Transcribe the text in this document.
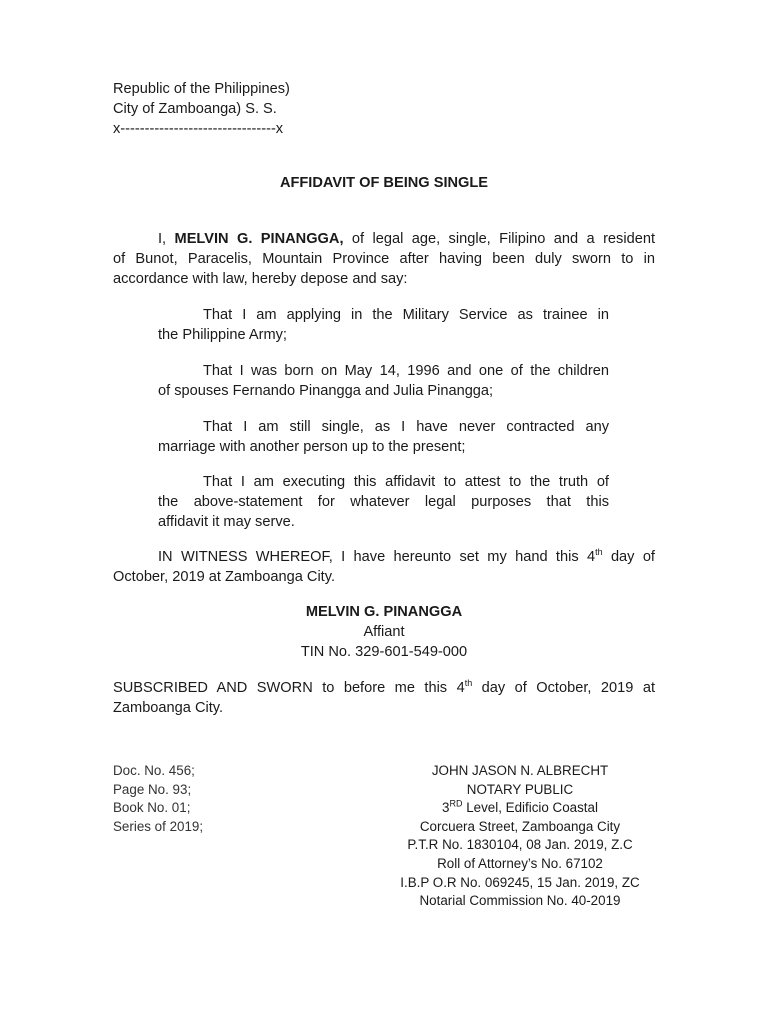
Republic of the Philippines)
City of Zamboanga) S. S.
x--------------------------------x
AFFIDAVIT OF BEING SINGLE
I, MELVIN G. PINANGGA, of legal age, single, Filipino and a resident
of Bunot, Paracelis, Mountain Province after having been duly sworn to in
accordance with law, hereby depose and say:
That I am applying in the Military Service as trainee in
the Philippine Army;
That I was born on May 14, 1996 and one of the children
of spouses Fernando Pinangga and Julia Pinangga;
That I am still single, as I have never contracted any
marriage with another person up to the present;
That I am executing this affidavit to attest to the truth of
the above-statement for whatever legal purposes that this
affidavit it may serve.
IN WITNESS WHEREOF, I have hereunto set my hand this 4th day of
October, 2019 at Zamboanga City.
MELVIN G. PINANGGA
Affiant
TIN No. 329-601-549-000
SUBSCRIBED AND SWORN to before me this 4th day of October, 2019 at
Zamboanga City.
Doc. No. 456;
Page No. 93;
Book No. 01;
Series of 2019;
JOHN JASON N. ALBRECHT
NOTARY PUBLIC
3RD Level, Edificio Coastal
Corcuera Street, Zamboanga City
P.T.R No. 1830104, 08 Jan. 2019, Z.C
Roll of Attorney’s No. 67102
I.B.P O.R No. 069245, 15 Jan. 2019, ZC
Notarial Commission No. 40-2019
